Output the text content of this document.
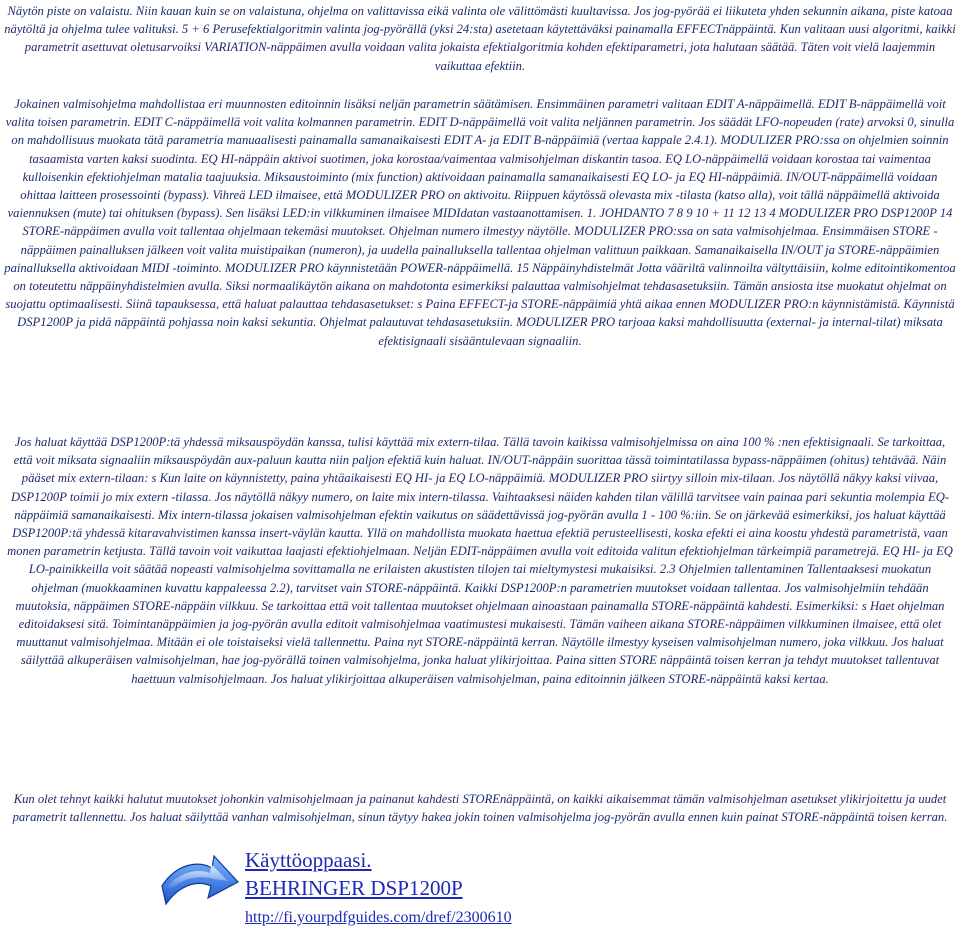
Näytön piste on valaistu. Niin kauan kuin se on valaistuna, ohjelma on valittavissa eikä valinta ole välittömästi kuultavissa. Jos jog-pyörää ei liikuteta yhden sekunnin aikana, piste katoaa näytöltä ja ohjelma tulee valituksi. 5 + 6 Perusefektialgoritmin valinta jog-pyörällä (yksi 24:sta) asetetaan käytettäväksi painamalla EFFECTnäppäintä. Kun valitaan uusi algoritmi, kaikki parametrit asettuvat oletusarvoiksi VARIATION-näppäimen avulla voidaan valita jokaista efektialgoritmia kohden efektiparametri, jota halutaan säätää. Täten voit vielä laajemmin vaikuttaa efektiin.

Jokainen valmisohjelma mahdollistaa eri muunnosten editoinnin lisäksi neljän parametrin säätämisen. Ensimmäinen parametri valitaan EDIT A-näppäimellä. EDIT B-näppäimellä voit valita toisen parametrin. EDIT C-näppäimellä voit valita kolmannen parametrin. EDIT D-näppäimellä voit valita neljännen parametrin. Jos säädät LFO-nopeuden (rate) arvoksi 0, sinulla on mahdollisuus muokata tätä parametria manuaalisesti painamalla samanaikaisesti EDIT A- ja EDIT B-näppäimiä (vertaa kappale 2.4.1). MODULIZER PRO:ssa on ohjelmien soinnin tasaamista varten kaksi suodinta. EQ HI-näppäin aktivoi suotimen, joka korostaa/vaimentaa valmisohjelman diskantin tasoa. EQ LO-näppäimellä voidaan korostaa tai vaimentaa kulloisenkin efektiohjelman matalia taajuuksia. Miksaustoiminto (mix function) aktivoidaan painamalla samanaikaisesti EQ LO- ja EQ HI-näppäimiä. IN/OUT-näppäimellä voidaan ohittaa laitteen prosessointi (bypass). Vihreä LED ilmaisee, että MODULIZER PRO on aktivoitu. Riippuen käytössä olevasta mix -tilasta (katso alla), voit tällä näppäimellä aktivoida vaiennuksen (mute) tai ohituksen (bypass). Sen lisäksi LED:in vilkkuminen ilmaisee MIDIdatan vastaanottamisen. 1. JOHDANTO 7 8 9 10 + 11 12 13 4 MODULIZER PRO DSP1200P 14 STORE-näppäimen avulla voit tallentaa ohjelmaan tekemäsi muutokset. Ohjelman numero ilmestyy näytölle. MODULIZER PRO:ssa on sata valmisohjelmaa. Ensimmäisen STORE -näppäimen painalluksen jälkeen voit valita muistipaikan (numeron), ja uudella painalluksella tallentaa ohjelman valittuun paikkaan. Samanaikaisella IN/OUT ja STORE-näppäimien painalluksella aktivoidaan MIDI -toiminto. MODULIZER PRO käynnistetään POWER-näppäimellä. 15 Näppäinyhdistelmät Jotta vääriltä valinnoilta vältyttäisiin, kolme editointikomentoa on toteutettu näppäinyhdistelmien avulla. Siksi normaalikäytön aikana on mahdotonta esimerkiksi palauttaa valmisohjelmat tehdasasetuksiin. Tämän ansiosta itse muokatut ohjelmat on suojattu optimaalisesti. Siinä tapauksessa, että haluat palauttaa tehdasasetukset: s Paina EFFECT-ja STORE-näppäimiä yhtä aikaa ennen MODULIZER PRO:n käynnistämistä. Käynnistä DSP1200P ja pidä näppäintä pohjassa noin kaksi sekuntia. Ohjelmat palautuvat tehdasasetuksiin. MODULIZER PRO tarjoaa kaksi mahdollisuutta (external- ja internal-tilat) miksata efektisignaali sisääntulevaan signaaliin.

Jos haluat käyttää DSP1200P:tä yhdessä miksauspöydän kanssa, tulisi käyttää mix extern-tilaa. Tällä tavoin kaikissa valmisohjelmissa on aina 100 % :nen efektisignaali. Se tarkoittaa, että voit miksata signaaliin miksauspöydän aux-paluun kautta niin paljon efektiä kuin haluat. IN/OUT-näppäin suorittaa tässä toimintatilassa bypass-näppäimen (ohitus) tehtävää. Näin pääset mix extern-tilaan: s Kun laite on käynnistetty, paina yhtäaikaisesti EQ HI- ja EQ LO-näppäimiä. MODULIZER PRO siirtyy silloin mix-tilaan. Jos näytöllä näkyy kaksi viivaa, DSP1200P toimii jo mix extern -tilassa. Jos näytöllä näkyy numero, on laite mix intern-tilassa. Vaihtaaksesi näiden kahden tilan välillä tarvitsee vain painaa pari sekuntia molempia EQ-näppäimiä samanaikaisesti. Mix intern-tilassa jokaisen valmisohjelman efektin vaikutus on säädettävissä jog-pyörän avulla 1 - 100 %:iin. Se on järkevää esimerkiksi, jos haluat käyttää DSP1200P:tä yhdessä kitaravahvistimen kanssa insert-väylän kautta. Yllä on mahdollista muokata haettua efektiä perusteellisesti, koska efekti ei aina koostu yhdestä parametristä, vaan monen parametrin ketjusta. Tällä tavoin voit vaikuttaa laajasti efektiohjelmaan. Neljän EDIT-näppäimen avulla voit editoida valitun efektiohjelman tärkeimpiä parametrejä. EQ HI- ja EQ LO-painikkeilla voit säätää nopeasti valmisohjelma sovittamalla ne erilaisten akustisten tilojen tai mieltymystesi mukaisiksi. 2.3 Ohjelmien tallentaminen Tallentaaksesi muokatun ohjelman (muokkaaminen kuvattu kappaleessa 2.2), tarvitset vain STORE-näppäintä. Kaikki DSP1200P:n parametrien muutokset voidaan tallentaa. Jos valmisohjelmiin tehdään muutoksia, näppäimen STORE-näppäin vilkkuu. Se tarkoittaa että voit tallentaa muutokset ohjelmaan ainoastaan painamalla STORE-näppäintä kahdesti. Esimerkiksi: s Haet ohjelman editoidaksesi sitä. Toimintanäppäimien ja jog-pyörän avulla editoit valmisohjelmaa vaatimustesi mukaisesti. Tämän vaiheen aikana STORE-näppäimen vilkkuminen ilmaisee, että olet muuttanut valmisohjelmaa. Mitään ei ole toistaiseksi vielä tallennettu. Paina nyt STORE-näppäintä kerran. Näytölle ilmestyy kyseisen valmisohjelman numero, joka vilkkuu. Jos haluat säilyttää alkuperäisen valmisohjelman, hae jog-pyörällä toinen valmisohjelma, jonka haluat ylikirjoittaa. Paina sitten STORE näppäintä toisen kerran ja tehdyt muutokset tallentuvat haettuun valmisohjelmaan. Jos haluat ylikirjoittaa alkuperäisen valmisohjelman, paina editoinnin jälkeen STORE-näppäintä kaksi kertaa.

Kun olet tehnyt kaikki halutut muutokset johonkin valmisohjelmaan ja painanut kahdesti STOREnäppäintä, on kaikki aikaisemmat tämän valmisohjelman asetukset ylikirjoitettu ja uudet parametrit tallennettu. Jos haluat säilyttää vanhan valmisohjelman, sinun täytyy hakea jokin toinen valmisohjelma jog-pyörän avulla ennen kuin painat STORE-näppäintä toisen kerran.

Käyttöoppaasi.
BEHRINGER DSP1200P
http://fi.yourpdfguides.com/dref/2300610
